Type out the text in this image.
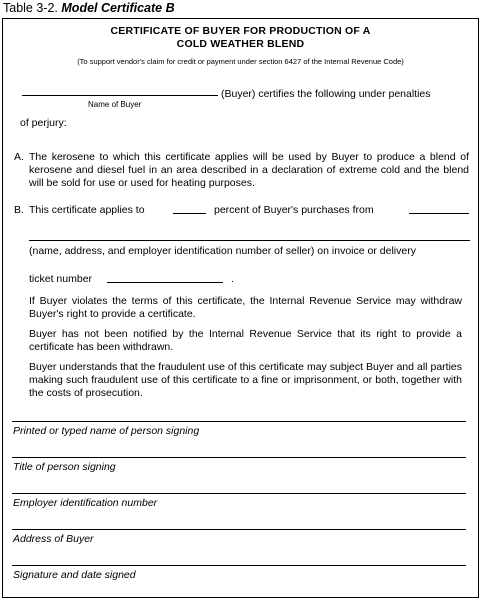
Table 3-2. Model Certificate B
CERTIFICATE OF BUYER FOR PRODUCTION OF A
COLD WEATHER BLEND
(To support vendor's claim for credit or payment under section 6427 of the Internal Revenue Code)
(Buyer) certifies the following under penalties
Name of Buyer
of perjury:
A. The kerosene to which this certificate applies will be used by Buyer to produce a blend of kerosene and diesel fuel in an area described in a declaration of extreme cold and the blend will be sold for use or used for heating purposes.
B. This certificate applies to	percent of Buyer's purchases from
(name, address, and employer identification number of seller) on invoice or delivery
ticket number	.
If Buyer violates the terms of this certificate, the Internal Revenue Service may withdraw Buyer's right to provide a certificate.
Buyer has not been notified by the Internal Revenue Service that its right to provide a certificate has been withdrawn.
Buyer understands that the fraudulent use of this certificate may subject Buyer and all parties making such fraudulent use of this certificate to a fine or imprisonment, or both, together with the costs of prosecution.
Printed or typed name of person signing
Title of person signing
Employer identification number
Address of Buyer
Signature and date signed
